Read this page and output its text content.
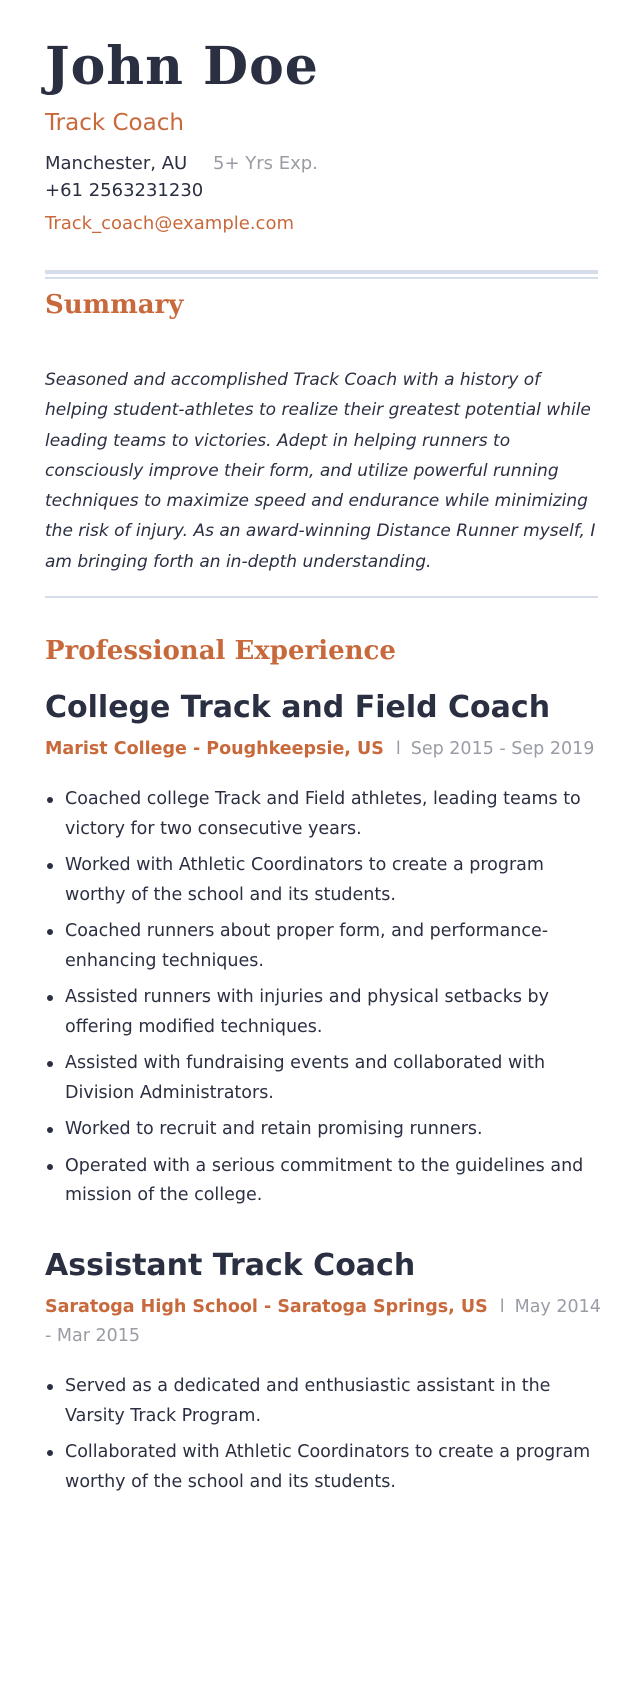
John Doe
Track Coach
Manchester, AU 5+ Yrs Exp.
+61 2563231230
Track_coach@example.com
Summary

Seasoned and accomplished Track Coach with a history of helping student-athletes to realize their greatest potential while leading teams to victories. Adept in helping runners to consciously improve their form, and utilize powerful running techniques to maximize speed and endurance while minimizing the risk of injury. As an award-winning Distance Runner myself, I am bringing forth an in-depth understanding.

Professional Experience
College Track and Field Coach
Marist College - Poughkeepsie, US l Sep 2015 - Sep 2019
Coached college Track and Field athletes, leading teams to victory for two consecutive years.
Worked with Athletic Coordinators to create a program worthy of the school and its students.
Coached runners about proper form, and performance-enhancing techniques.
Assisted runners with injuries and physical setbacks by offering modified techniques.
Assisted with fundraising events and collaborated with Division Administrators.
Worked to recruit and retain promising runners.
Operated with a serious commitment to the guidelines and mission of the college.
Assistant Track Coach
Saratoga High School - Saratoga Springs, US l May 2014 - Mar 2015
Served as a dedicated and enthusiastic assistant in the Varsity Track Program.
Collaborated with Athletic Coordinators to create a program worthy of the school and its students.
